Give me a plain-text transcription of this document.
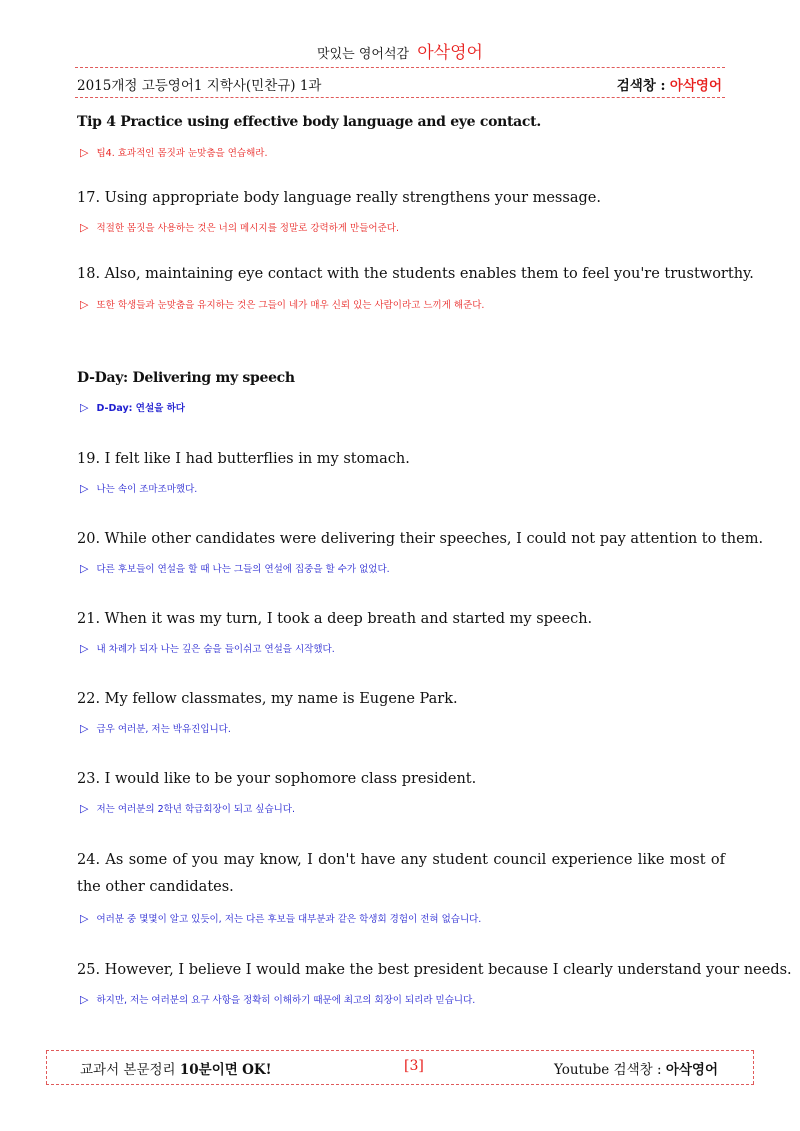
맛있는 영어석감 아삭영어
2015개정 고등영어1 지학사(민찬규) 1과	검색창 : 아삭영어
Tip 4 Practice using effective body language and eye contact.
▷ 팁4. 효과적인 몸짓과 눈맞춤을 연습해라.
17. Using appropriate body language really strengthens your message.
▷ 적절한 몸짓을 사용하는 것은 너의 메시지를 정말로 강력하게 만들어준다.
18. Also, maintaining eye contact with the students enables them to feel you're trustworthy.
▷ 또한 학생들과 눈맞춤을 유지하는 것은 그들이 네가 매우 신뢰 있는 사람이라고 느끼게 해준다.
D-Day: Delivering my speech
▷ D-Day: 연설을 하다
19. I felt like I had butterflies in my stomach.
▷ 나는 속이 조마조마했다.
20. While other candidates were delivering their speeches, I could not pay attention to them.
▷ 다른 후보들이 연설을 할 때 나는 그들의 연설에 집중을 할 수가 없었다.
21. When it was my turn, I took a deep breath and started my speech.
▷ 내 차례가 되자 나는 깊은 숨을 들이쉬고 연설을 시작했다.
22. My fellow classmates, my name is Eugene Park.
▷ 급우 여러분, 저는 박유진입니다.
23. I would like to be your sophomore class president.
▷ 저는 여러분의 2학년 학급회장이 되고 싶습니다.
24. As some of you may know, I don't have any student council experience like most of the other candidates.
▷ 여러분 중 몇몇이 알고 있듯이, 저는 다른 후보들 대부분과 같은 학생회 경험이 전혀 없습니다.
25. However, I believe I would make the best president because I clearly understand your needs.
▷ 하지만, 저는 여러분의 요구 사항을 정확히 이해하기 때문에 최고의 회장이 되리라 믿습니다.
교과서 본문정리 10분이면 OK!	[3]	Youtube 검색창 : 아삭영어
